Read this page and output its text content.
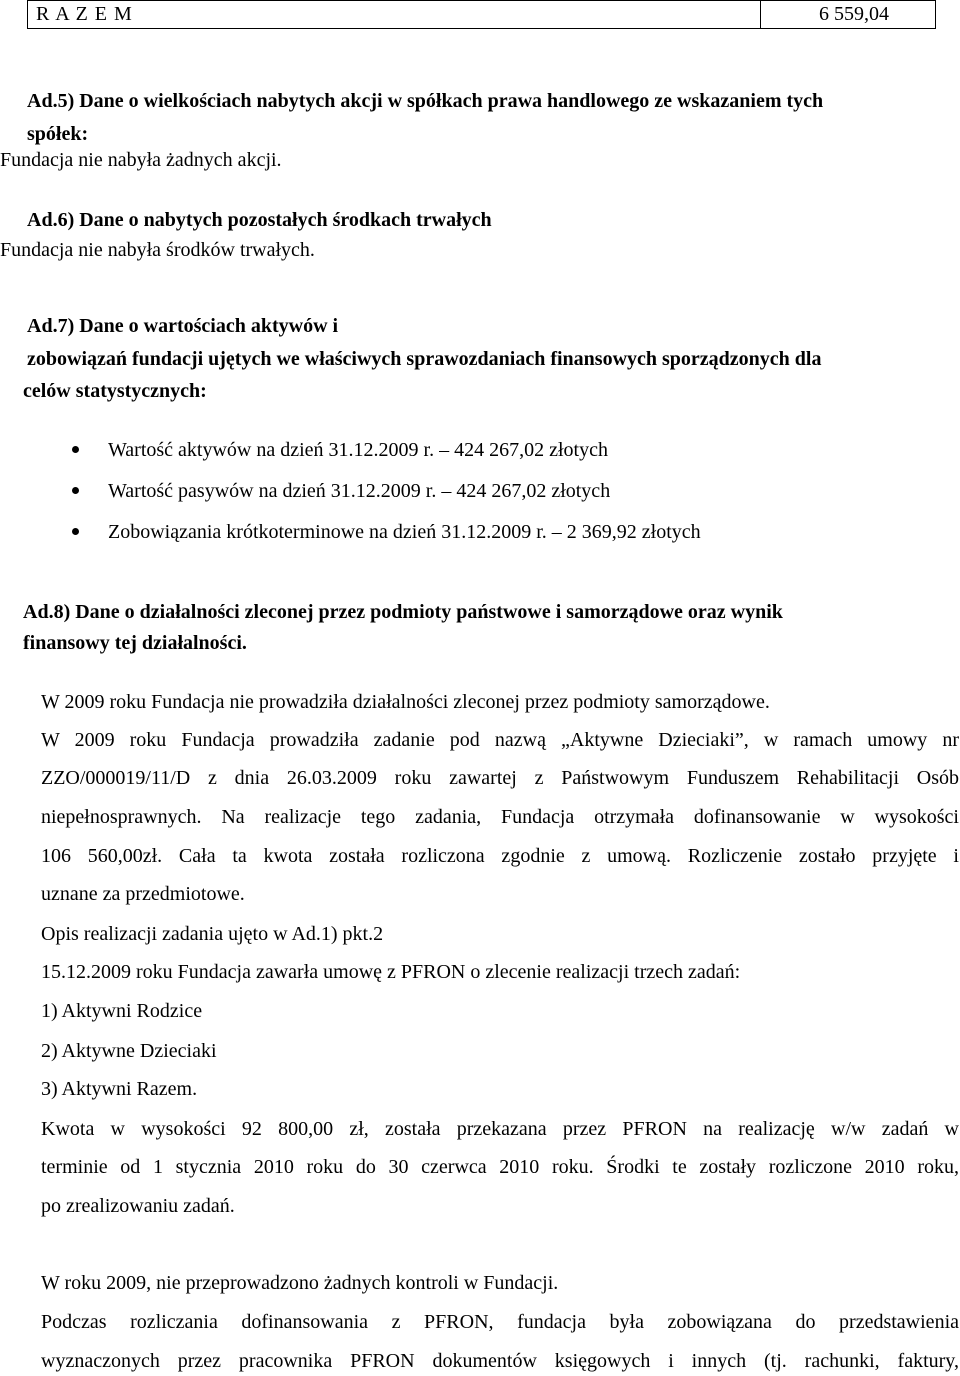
R A Z E M	6 559,04
Ad.5) Dane o wielkościach nabytych akcji w spółkach prawa handlowego ze wskazaniem tych
spółek:
Fundacja nie nabyła żadnych akcji.
Ad.6) Dane o nabytych pozostałych środkach trwałych
Fundacja nie nabyła środków trwałych.
Ad.7) Dane o wartościach aktywów i
zobowiązań fundacji ujętych we właściwych sprawozdaniach finansowych sporządzonych dla
celów statystycznych:
Wartość aktywów na dzień 31.12.2009 r. – 424 267,02 złotych
Wartość pasywów na dzień 31.12.2009 r. – 424 267,02 złotych
Zobowiązania krótkoterminowe na dzień 31.12.2009 r. – 2 369,92 złotych
Ad.8) Dane o działalności zleconej przez podmioty państwowe i samorządowe oraz wynik
finansowy tej działalności.
W 2009 roku Fundacja nie prowadziła działalności zleconej przez podmioty samorządowe.
W 2009 roku Fundacja prowadziła zadanie pod nazwą „Aktywne Dzieciaki”, w ramach umowy nr
ZZO/000019/11/D z dnia 26.03.2009 roku zawartej z Państwowym Funduszem Rehabilitacji Osób
niepełnosprawnych. Na realizacje tego zadania, Fundacja otrzymała dofinansowanie w wysokości
106 560,00zł. Cała ta kwota została rozliczona zgodnie z umową. Rozliczenie zostało przyjęte i
uznane za przedmiotowe.
Opis realizacji zadania ujęto w Ad.1) pkt.2
15.12.2009 roku Fundacja zawarła umowę z PFRON o zlecenie realizacji trzech zadań:
1) Aktywni Rodzice
2) Aktywne Dzieciaki
3) Aktywni Razem.
Kwota w wysokości 92 800,00 zł, została przekazana przez PFRON na realizację w/w zadań w
terminie od 1 stycznia 2010 roku do 30 czerwca 2010 roku. Środki te zostały rozliczone 2010 roku,
po zrealizowaniu zadań.
W roku 2009, nie przeprowadzono żadnych kontroli w Fundacji.
Podczas rozliczania dofinansowania z PFRON, fundacja była zobowiązana do przedstawienia
wyznaczonych przez pracownika PFRON dokumentów księgowych i innych (tj. rachunki, faktury,
